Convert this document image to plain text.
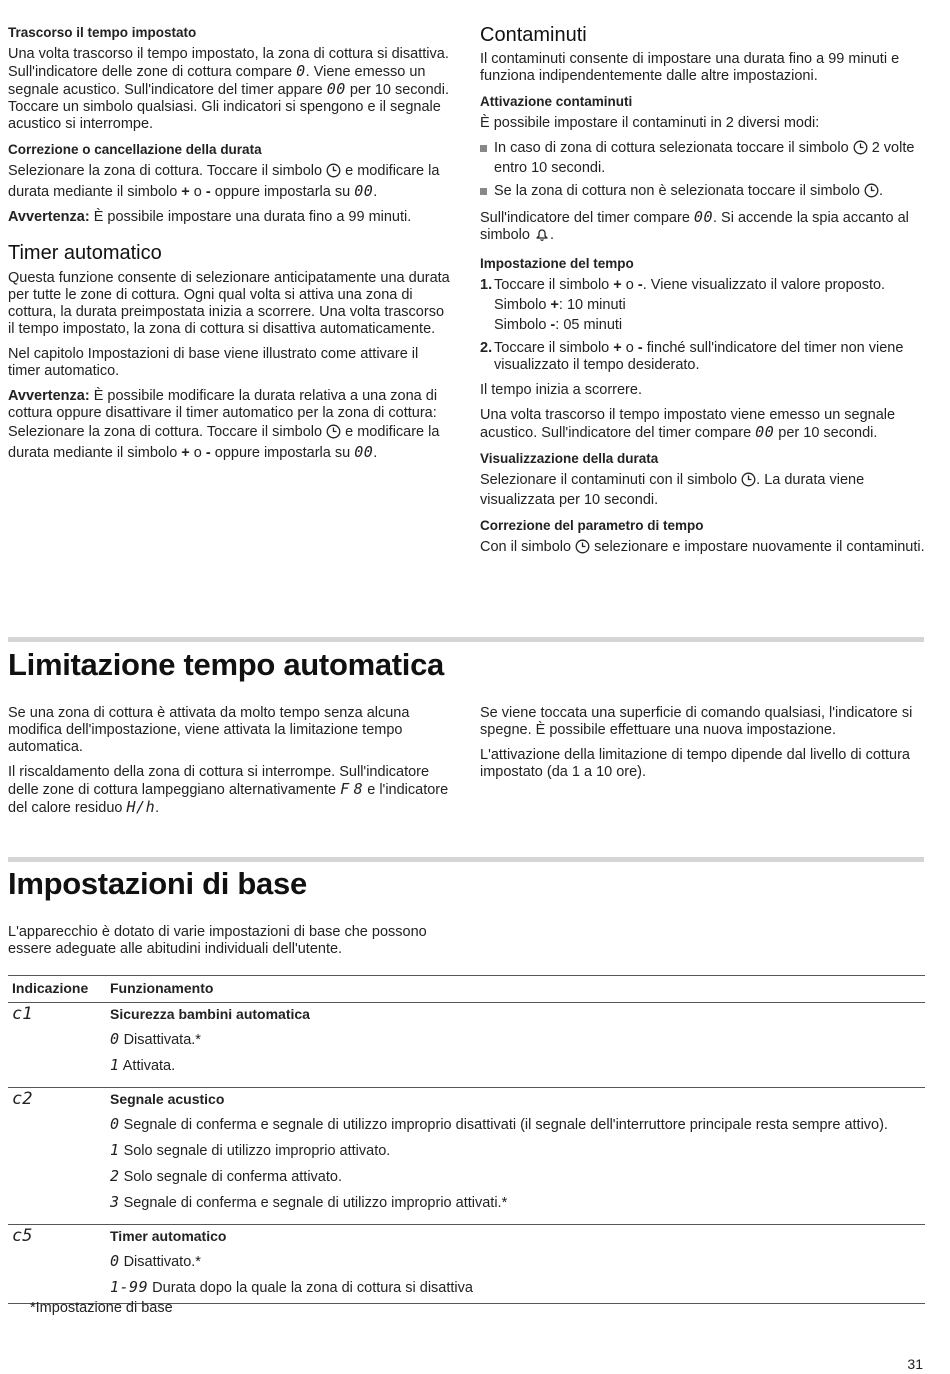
Trascorso il tempo impostato

Una volta trascorso il tempo impostato, la zona di cottura si disattiva. Sull'indicatore delle zone di cottura compare 0. Viene emesso un segnale acustico. Sull'indicatore del timer appare 00 per 10 secondi. Toccare un simbolo qualsiasi. Gli indicatori si spengono e il segnale acustico si interrompe.

Correzione o cancellazione della durata

Selezionare la zona di cottura. Toccare il simbolo e modificare la durata mediante il simbolo + o - oppure impostarla su 00.

Avvertenza: È possibile impostare una durata fino a 99 minuti.

Timer automatico

Questa funzione consente di selezionare anticipatamente una durata per tutte le zone di cottura. Ogni qual volta si attiva una zona di cottura, la durata preimpostata inizia a scorrere. Una volta trascorso il tempo impostato, la zona di cottura si disattiva automaticamente.

Nel capitolo Impostazioni di base viene illustrato come attivare il timer automatico.

Avvertenza: È possibile modificare la durata relativa a una zona di cottura oppure disattivare il timer automatico per la zona di cottura:

Selezionare la zona di cottura. Toccare il simbolo e modificare la durata mediante il simbolo + o - oppure impostarla su 00.

Contaminuti

Il contaminuti consente di impostare una durata fino a 99 minuti e funziona indipendentemente dalle altre impostazioni.

Attivazione contaminuti

È possibile impostare il contaminuti in 2 diversi modi:

In caso di zona di cottura selezionata toccare il simbolo 2 volte entro 10 secondi.
Se la zona di cottura non è selezionata toccare il simbolo .

Sull'indicatore del timer compare 00. Si accende la spia accanto al simbolo .

Impostazione del tempo
1. Toccare il simbolo + o -. Viene visualizzato il valore proposto.
Simbolo +: 10 minuti
Simbolo -: 05 minuti
2. Toccare il simbolo + o - finché sull'indicatore del timer non viene visualizzato il tempo desiderato.

Il tempo inizia a scorrere.

Una volta trascorso il tempo impostato viene emesso un segnale acustico. Sull'indicatore del timer compare 00 per 10 secondi.

Visualizzazione della durata

Selezionare il contaminuti con il simbolo . La durata viene visualizzata per 10 secondi.

Correzione del parametro di tempo

Con il simbolo selezionare e impostare nuovamente il contaminuti.

Limitazione tempo automatica

Se una zona di cottura è attivata da molto tempo senza alcuna modifica dell'impostazione, viene attivata la limitazione tempo automatica.

Il riscaldamento della zona di cottura si interrompe. Sull'indicatore delle zone di cottura lampeggiano alternativamente F 8 e l'indicatore del calore residuo H/h.

Se viene toccata una superficie di comando qualsiasi, l'indicatore si spegne. È possibile effettuare una nuova impostazione.

L'attivazione della limitazione di tempo dipende dal livello di cottura impostato (da 1 a 10 ore).

Impostazioni di base

L'apparecchio è dotato di varie impostazioni di base che possono essere adeguate alle abitudini individuali dell'utente.

Indicazione	Funzionamento
c1	Sicurezza bambini automatica
0 Disattivata.*
1 Attivata.

c2	Segnale acustico
0 Segnale di conferma e segnale di utilizzo improprio disattivati (il segnale dell'interruttore principale resta sempre attivo).
1 Solo segnale di utilizzo improprio attivato.
2 Solo segnale di conferma attivato.
3 Segnale di conferma e segnale di utilizzo improprio attivati.*

c5	Timer automatico
0 Disattivato.*
1-99 Durata dopo la quale la zona di cottura si disattiva
*Impostazione di base
31
